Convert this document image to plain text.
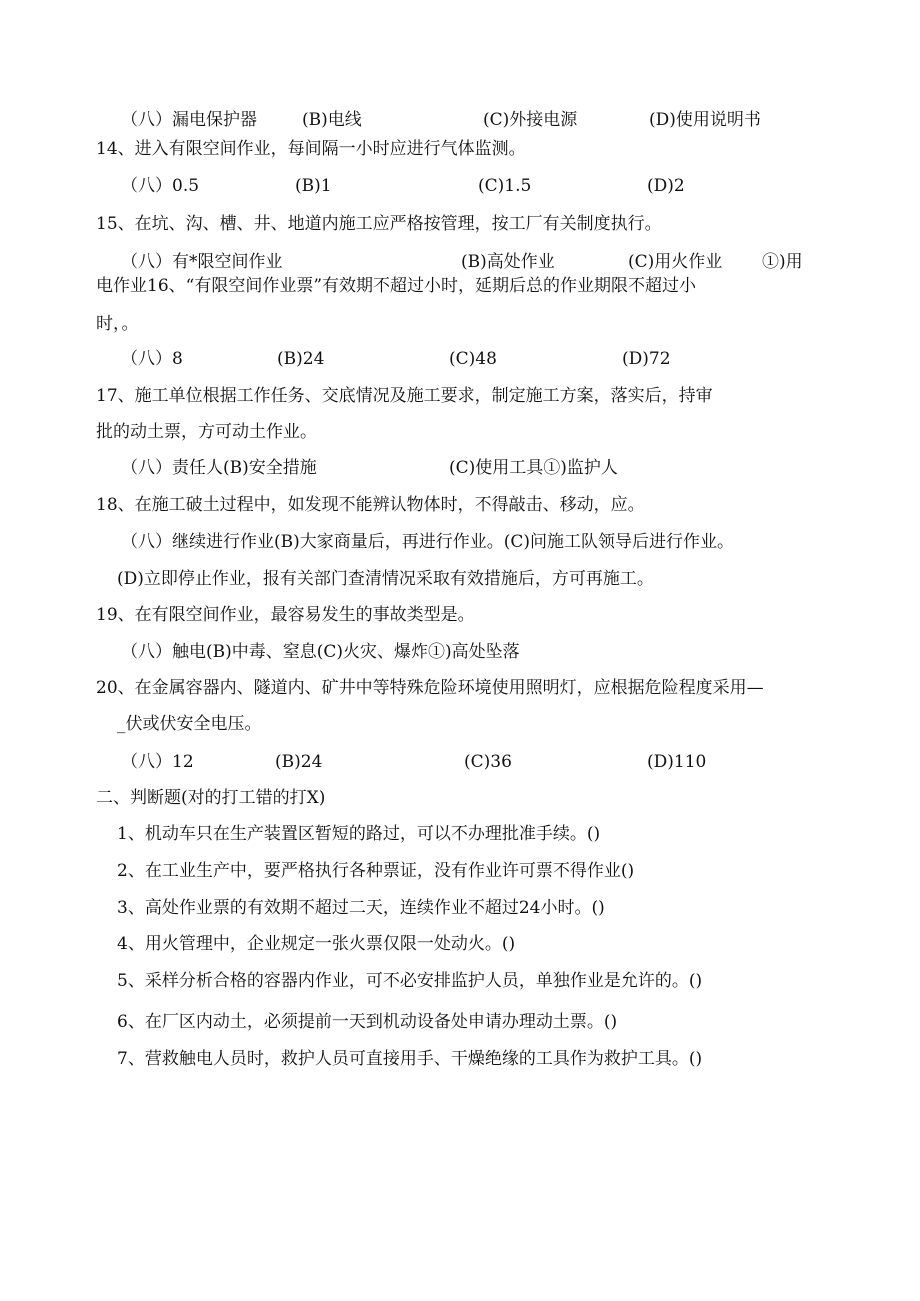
（八）漏电保护器	(B)电线	(C)外接电源	(D)使用说明书
14、进入有限空间作业，每间隔一小时应进行气体监测。
（八）0.5	(B)1	(C)1.5	(D)2
15、在坑、沟、槽、井、地道内施工应严格按管理，按工厂有关制度执行。
（八）有*限空间作业	(B)高处作业	(C)用火作业 ①)用
电作业 16、“有限空间作业票”有效期不超过小时，延期后总的作业期限不超过小
时，。
（八）8	(B)24	(C)48	(D)72
17、施工单位根据工作任务、交底情况及施工要求，制定施工方案，落实后，持审
批的动土票，方可动土作业。
（八）责任人(B)安全措施	(C)使用工具①)监护人
18、在施工破土过程中，如发现不能辨认物体时，不得敲击、移动，应。
（八）继续进行作业(B)大家商量后，再进行作业。(C)问施工队领导后进行作业。
(D)立即停止作业，报有关部门查清情况采取有效措施后，方可再施工。
19、在有限空间作业，最容易发生的事故类型是。
（八）触电(B)中毒、窒息(C)火灾、爆炸①)高处坠落
20、在金属容器内、隧道内、矿井中等特殊危险环境使用照明灯，应根据危险程度采用—
_伏或伏安全电压。
（八）12	(B)24	(C)36	(D)110
二、判断题(对的打工错的打X)
1、机动车只在生产装置区暂短的路过，可以不办理批准手续。()
2、在工业生产中，要严格执行各种票证，没有作业许可票不得作业()
3、高处作业票的有效期不超过二天，连续作业不超过24小时。()
4、用火管理中，企业规定一张火票仅限一处动火。()
5、采样分析合格的容器内作业，可不必安排监护人员，单独作业是允许的。()
6、在厂区内动土，必须提前一天到机动设备处申请办理动土票。()
7、营救触电人员时，救护人员可直接用手、干燥绝缘的工具作为救护工具。()
